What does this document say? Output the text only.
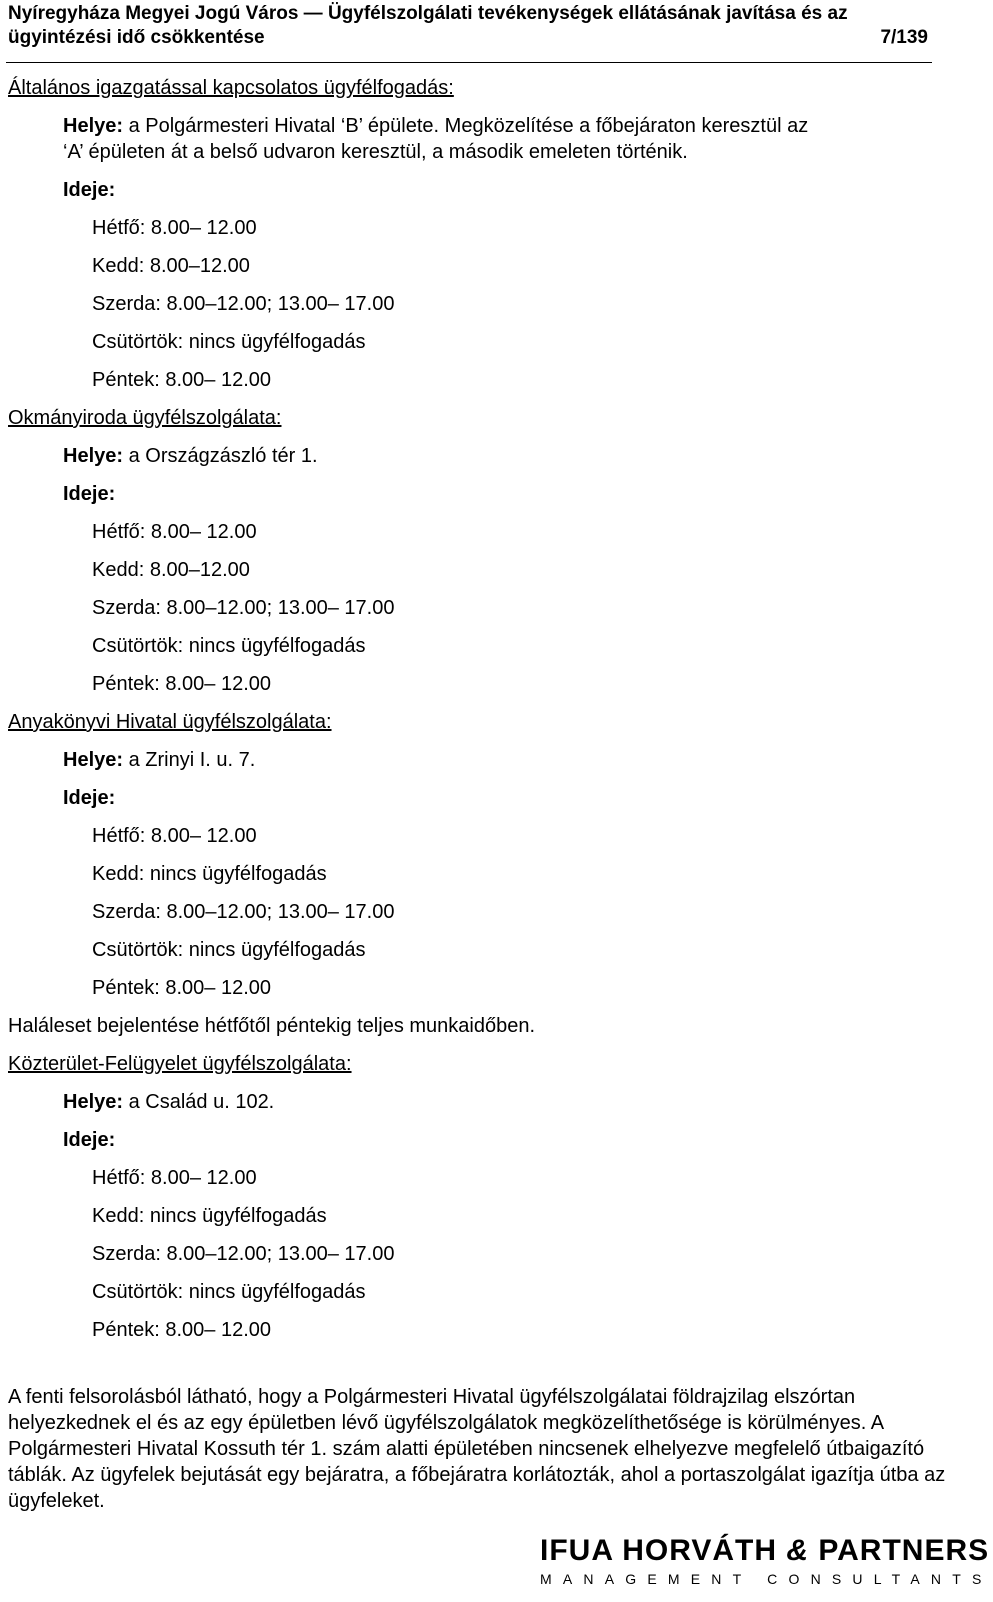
Nyíregyháza Megyei Jogú Város — Ügyfélszolgálati tevékenységek ellátásának javítása és az
ügyintézési idő csökkentése	7/139
Általános igazgatással kapcsolatos ügyfélfogadás:
Helye: a Polgármesteri Hivatal ‘B’ épülete. Megközelítése a főbejáraton keresztül az
‘A’ épületen át a belső udvaron keresztül, a második emeleten történik.
Ideje:
Hétfő: 8.00– 12.00
Kedd: 8.00–12.00
Szerda: 8.00–12.00; 13.00– 17.00
Csütörtök: nincs ügyfélfogadás
Péntek: 8.00– 12.00
Okmányiroda ügyfélszolgálata:
Helye: a Országzászló tér 1.
Ideje:
Hétfő: 8.00– 12.00
Kedd: 8.00–12.00
Szerda: 8.00–12.00; 13.00– 17.00
Csütörtök: nincs ügyfélfogadás
Péntek: 8.00– 12.00
Anyakönyvi Hivatal ügyfélszolgálata:
Helye: a Zrinyi I. u. 7.
Ideje:
Hétfő: 8.00– 12.00
Kedd: nincs ügyfélfogadás
Szerda: 8.00–12.00; 13.00– 17.00
Csütörtök: nincs ügyfélfogadás
Péntek: 8.00– 12.00
Haláleset bejelentése hétfőtől péntekig teljes munkaidőben.
Közterület-Felügyelet ügyfélszolgálata:
Helye: a Család u. 102.
Ideje:
Hétfő: 8.00– 12.00
Kedd: nincs ügyfélfogadás
Szerda: 8.00–12.00; 13.00– 17.00
Csütörtök: nincs ügyfélfogadás
Péntek: 8.00– 12.00
A fenti felsorolásból látható, hogy a Polgármesteri Hivatal ügyfélszolgálatai földrajzilag elszórtan helyezkednek el és az egy épületben lévő ügyfélszolgálatok megközelíthetősége is körülményes. A Polgármesteri Hivatal Kossuth tér 1. szám alatti épületében nincsenek elhelyezve megfelelő útbaigazító táblák. Az ügyfelek bejutását egy bejáratra, a főbejáratra korlátozták, ahol a portaszolgálat igazítja útba az ügyfeleket.
IFUA HORVÁTH & PARTNERS
MANAGEMENT CONSULTANTS
